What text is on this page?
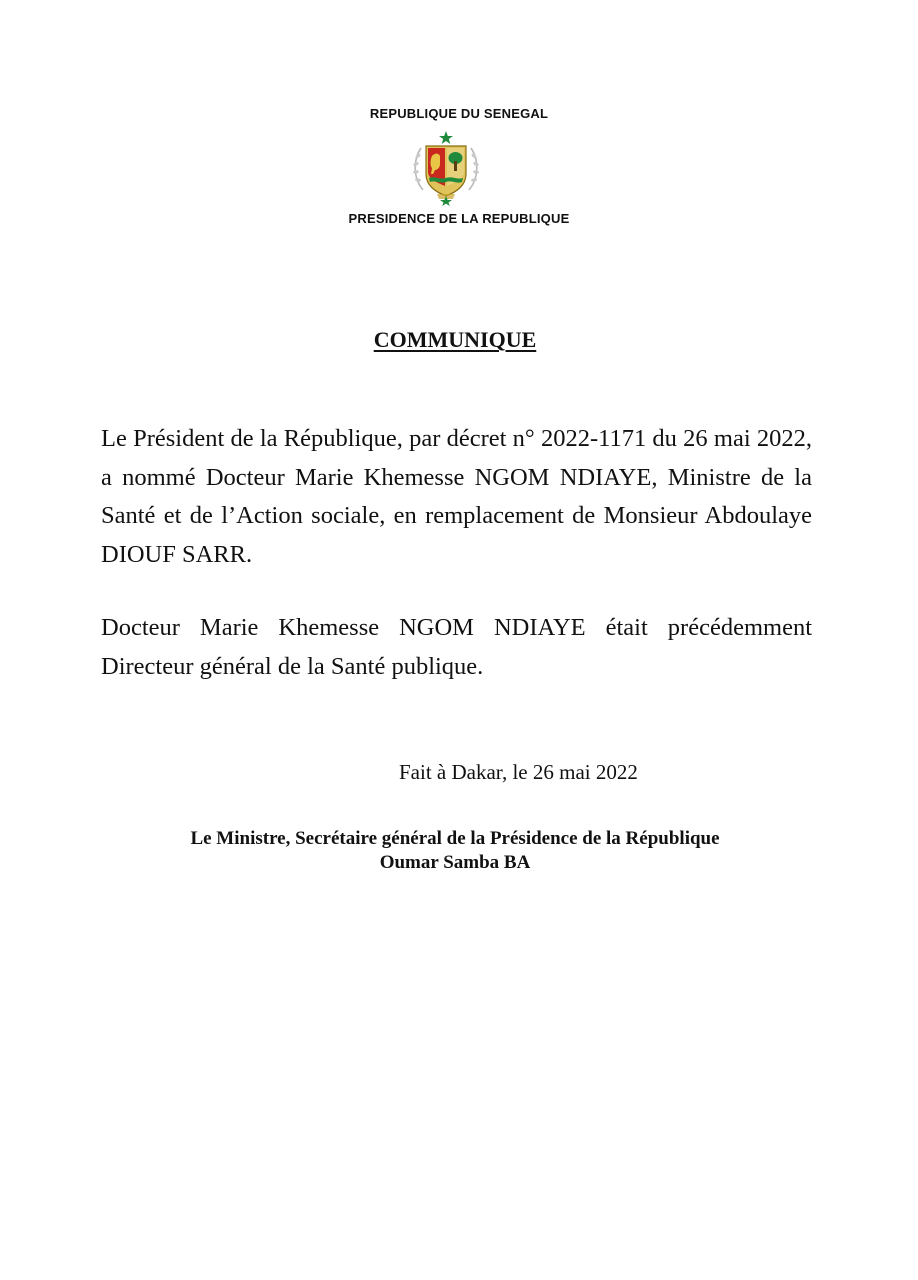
REPUBLIQUE DU SENEGAL
PRESIDENCE DE LA REPUBLIQUE
COMMUNIQUE

Le Président de la République, par décret n° 2022-1171 du 26 mai 2022, a nommé Docteur Marie Khemesse NGOM NDIAYE, Ministre de la Santé et de l’Action sociale, en remplacement de Monsieur Abdoulaye DIOUF SARR.

Docteur Marie Khemesse NGOM NDIAYE était précédemment Directeur général de la Santé publique.

Fait à Dakar, le 26 mai 2022
Le Ministre, Secrétaire général de la Présidence de la République
Oumar Samba BA
